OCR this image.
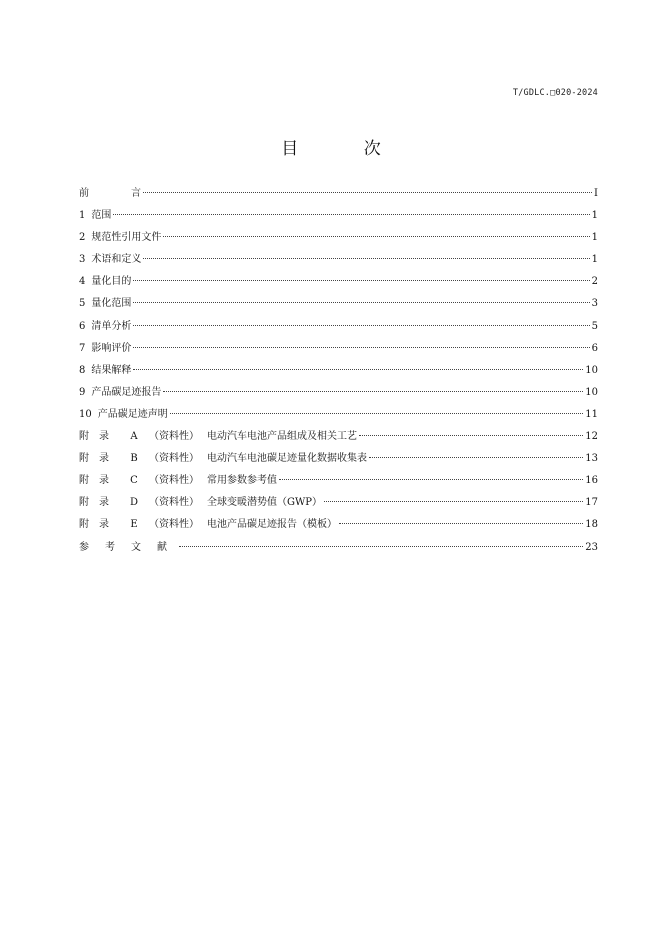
T/GDLC.□020-2024
目 次
前	言	I
1 范围	1
2 规范性引用文件	1
3 术语和定义	1
4 量化目的	2
5 量化范围	3
6 清单分析	5
7 影响评价	6
8 结果解释	10
9 产品碳足迹报告	10
10 产品碳足迹声明	11
附	录	A	（资料性） 电动汽车电池产品组成及相关工艺	12
附	录	B	（资料性） 电动汽车电池碳足迹量化数据收集表	13
附	录	C	（资料性） 常用参数参考值	16
附	录	D	（资料性） 全球变暖潜势值（GWP）	17
附	录	E	（资料性） 电池产品碳足迹报告（模板）	18
参 考 文 献	23
